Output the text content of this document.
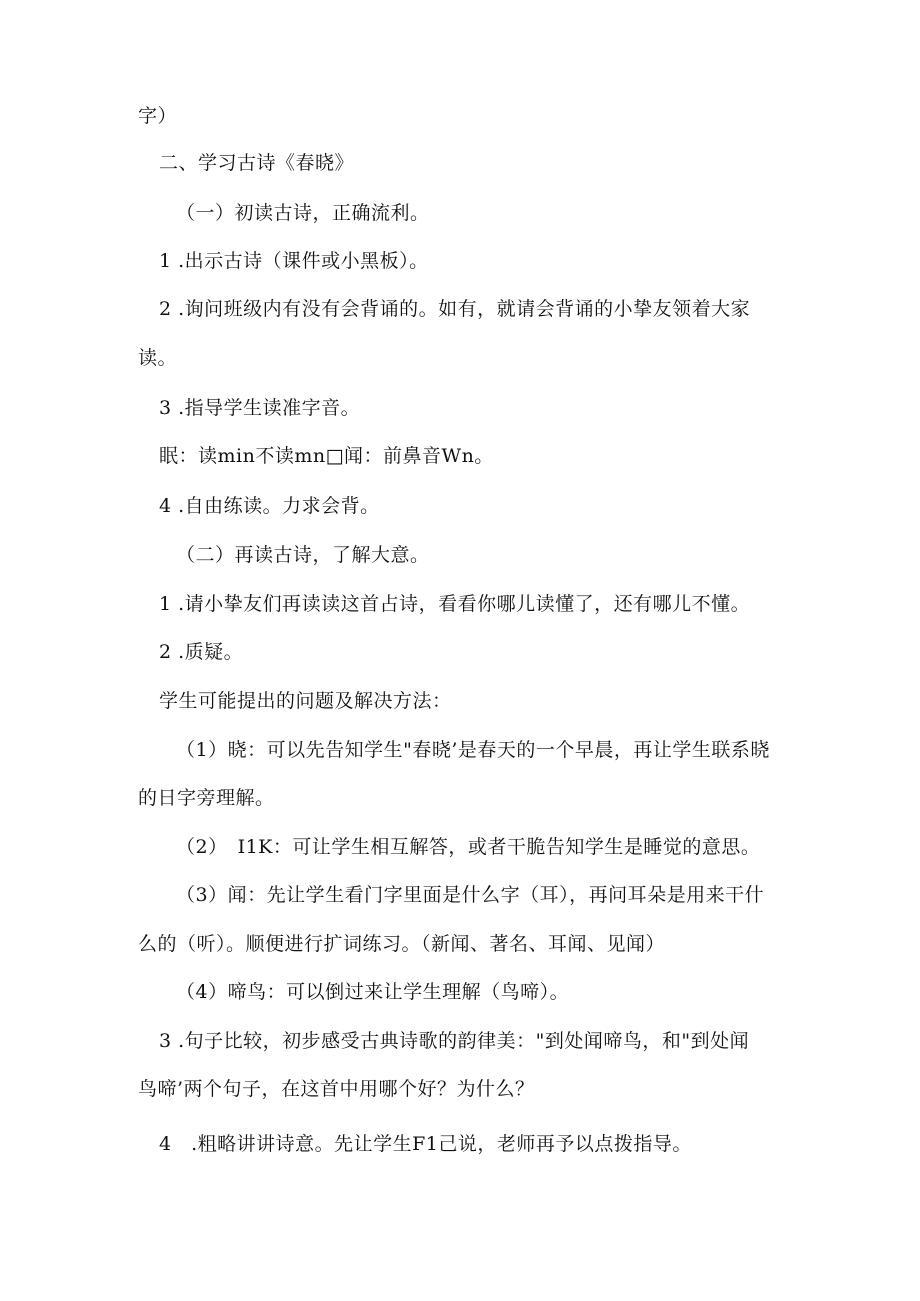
字）
二、学习古诗《春晓》
（一）初读古诗，正确流利。
1 .出示古诗（课件或小黑板）。
2 .询问班级内有没有会背诵的。如有，就请会背诵的小挚友领着大家
读。
3 .指导学生读准字音。
眠：读min不读mn□闻：前鼻音Wn。
4 .自由练读。力求会背。
（二）再读古诗，了解大意。
1 .请小挚友们再读读这首占诗，看看你哪儿读懂了，还有哪儿不懂。
2 .质疑。
学生可能提出的问题及解决方法：
（1）晓：可以先告知学生"春晓’是春天的一个早晨，再让学生联系晓
的日字旁理解。
（2）　I1K：可让学生相互解答，或者干脆告知学生是睡觉的意思。
（3）闻：先让学生看门字里面是什么字（耳），再问耳朵是用来干什
么的（听）。顺便进行扩词练习。（新闻、著名、耳闻、见闻）
（4）啼鸟：可以倒过来让学生理解（鸟啼）。
3 .句子比较，初步感受古典诗歌的韵律美："到处闻啼鸟，和"到处闻
鸟啼’两个句子，在这首中用哪个好？为什么？
4　.粗略讲讲诗意。先让学生F1己说，老师再予以点拨指导。
